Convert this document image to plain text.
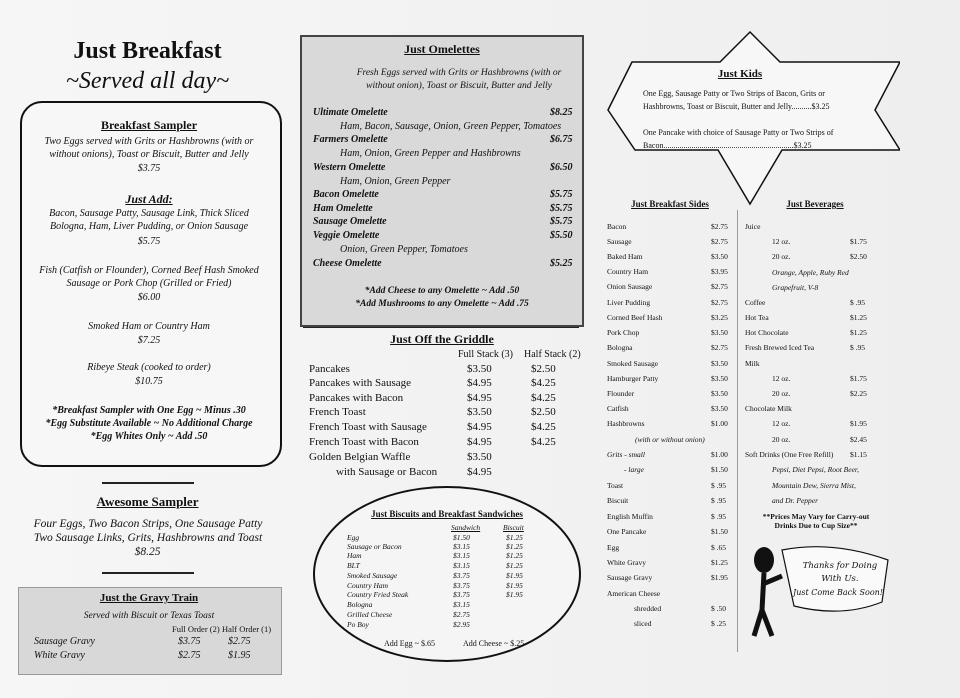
Just Breakfast
~Served all day~
Breakfast Sampler
Two Eggs served with Grits or Hashbrowns (with or without onions), Toast or Biscuit, Butter and Jelly
$3.75
Just Add:
Bacon, Sausage Patty, Sausage Link, Thick Sliced Bologna, Ham, Liver Pudding, or Onion Sausage
$5.75
Fish (Catfish or Flounder), Corned Beef Hash Smoked Sausage or Pork Chop (Grilled or Fried)
$6.00
Smoked Ham or Country Ham
$7.25
Ribeye Steak (cooked to order)
$10.75
*Breakfast Sampler with One Egg ~ Minus .30
*Egg Substitute Available ~ No Additional Charge
*Egg Whites Only ~ Add .50
Awesome Sampler
Four Eggs, Two Bacon Strips, One Sausage Patty
Two Sausage Links, Grits, Hashbrowns and Toast
$8.25
Just the Gravy Train
Served with Biscuit or Texas Toast
Full Order (2) Half Order (1)
Sausage Gravy	$3.75	$2.75
White Gravy	$2.75	$1.95
Just Omelettes
Fresh Eggs served with Grits or Hashbrowns (with or without onion), Toast or Biscuit, Butter and Jelly
Ultimate Omelette	$8.25
Ham, Bacon, Sausage, Onion, Green Pepper, Tomatoes
Farmers Omelette	$6.75
Ham, Onion, Green Pepper and Hashbrowns
Western Omelette	$6.50
Ham, Onion, Green Pepper
Bacon Omelette	$5.75
Ham Omelette	$5.75
Sausage Omelette	$5.75
Veggie Omelette	$5.50
Onion, Green Pepper, Tomatoes
Cheese Omelette	$5.25
*Add Cheese to any Omelette ~ Add .50
*Add Mushrooms to any Omelette ~ Add .75
Just Off the Griddle
Full Stack (3) Half Stack (2)
Pancakes	$3.50	$2.50
Pancakes with Sausage	$4.95	$4.25
Pancakes with Bacon	$4.95	$4.25
French Toast	$3.50	$2.50
French Toast with Sausage	$4.95	$4.25
French Toast with Bacon	$4.95	$4.25
Golden Belgian Waffle	$3.50
with Sausage or Bacon	$4.95
Just Biscuits and Breakfast Sandwiches
Sandwich	Biscuit
Egg	$1.50	$1.25
Sausage or Bacon	$3.15	$1.25
Ham	$3.15	$1.25
BLT	$3.15	$1.25
Smoked Sausage	$3.75	$1.95
Country Ham	$3.75	$1.95
Country Fried Steak	$3.75	$1.95
Bologna	$3.15
Grilled Cheese	$2.75
Po Boy	$2.95
Add Egg ~ $.65	Add Cheese ~ $.25
Just Kids
One Egg, Sausage Patty or Two Strips of Bacon, Grits or
Hashbrowns, Toast or Biscuit, Butter and Jelly..........$3.25
One Pancake with choice of Sausage Patty or Two Strips of
Bacon.................................................................$3.25
Just Breakfast Sides
Bacon	$2.75
Sausage	$2.75
Baked Ham	$3.50
Country Ham	$3.95
Onion Sausage	$2.75
Liver Pudding	$2.75
Corned Beef Hash	$3.25
Pork Chop	$3.50
Bologna	$2.75
Smoked Sausage	$3.50
Hamburger Patty	$3.50
Flounder	$3.50
Catfish	$3.50
Hashbrowns	$1.00
(with or without onion)
Grits - small	$1.00
- large	$1.50
Toast	$ .95
Biscuit	$ .95
English Muffin	$ .95
One Pancake	$1.50
Egg	$ .65
White Gravy	$1.25
Sausage Gravy	$1.95
American Cheese
shredded	$ .50
sliced	$ .25
Just Beverages
Juice
12 oz.	$1.75
20 oz.	$2.50
Orange, Apple, Ruby Red
Grapefruit, V-8
Coffee	$ .95
Hot Tea	$1.25
Hot Chocolate	$1.25
Fresh Brewed Iced Tea	$ .95
Milk
12 oz.	$1.75
20 oz.	$2.25
Chocolate Milk
12 oz.	$1.95
20 oz.	$2.45
Soft Drinks (One Free Refill) $1.15
Pepsi, Diet Pepsi, Root Beer,
Mountain Dew, Sierra Mist,
and Dr. Pepper
**Prices May Vary for Carry-out Drinks Due to Cup Size**
Thanks for Doing
With Us.
Just Come Back Soon!
